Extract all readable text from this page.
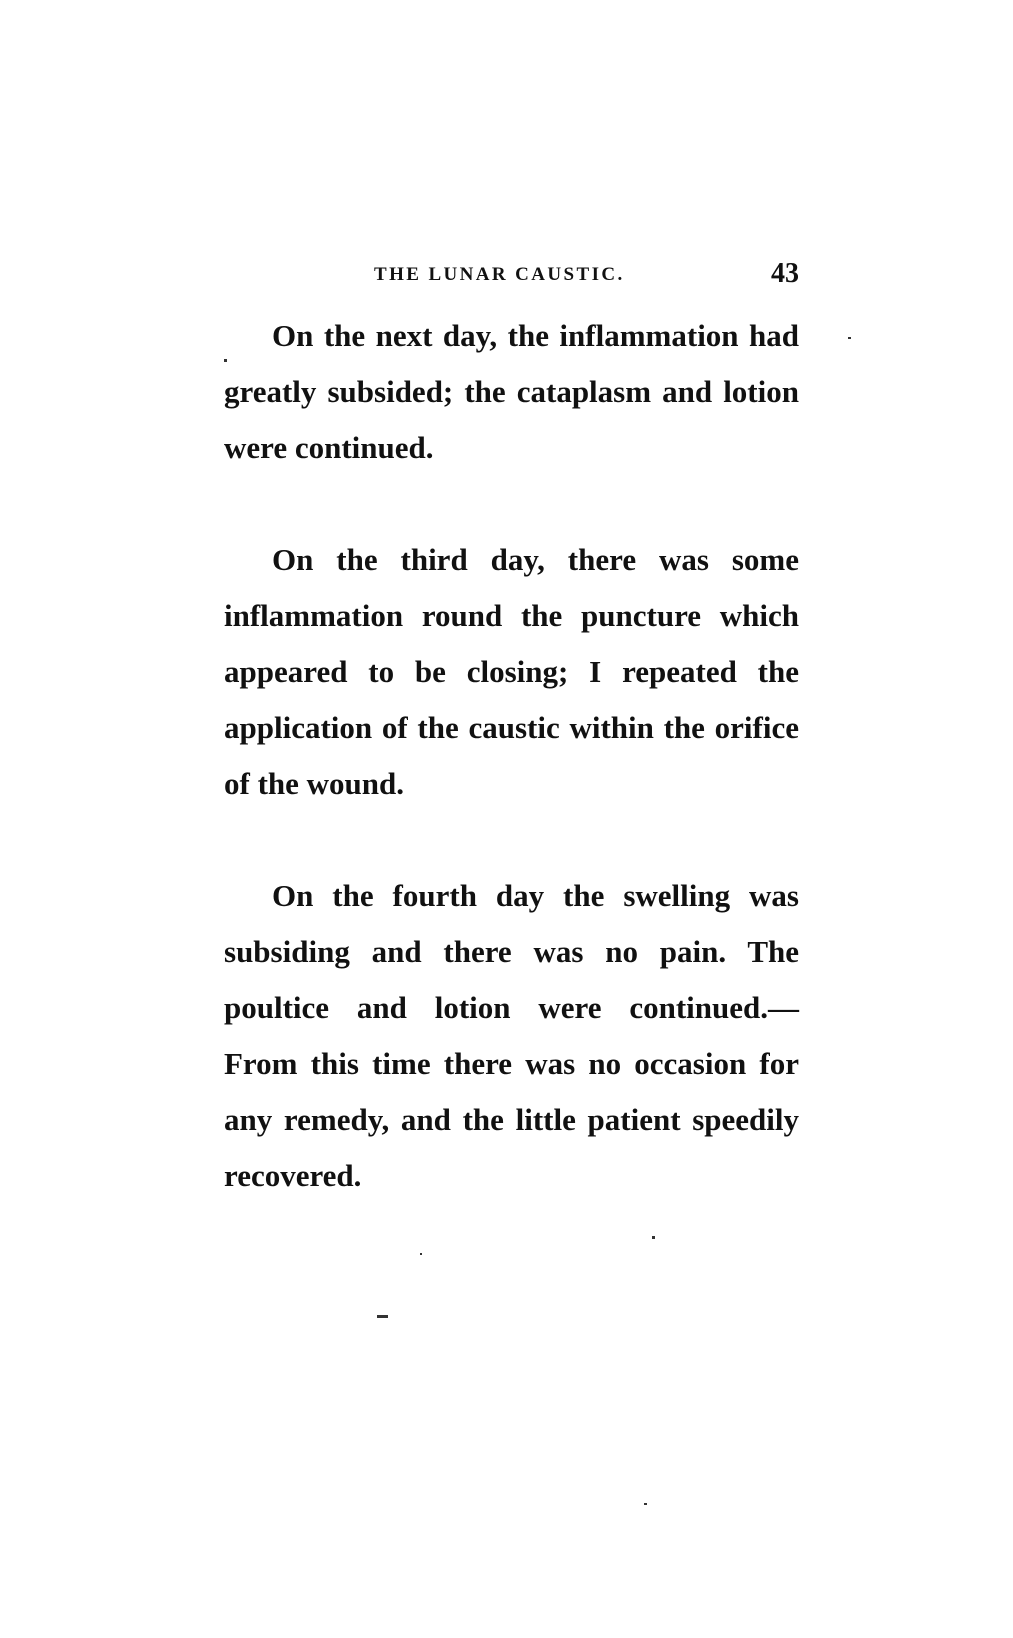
THE LUNAR CAUSTIC.	43

On the next day, the inflammation had greatly subsided; the cataplasm and lotion were continued.

On the third day, there was some inflammation round the puncture which appeared to be closing; I repeated the application of the caustic within the orifice of the wound.

On the fourth day the swelling was subsiding and there was no pain. The poultice and lotion were continued.— From this time there was no occasion for any remedy, and the little patient speedily recovered.
